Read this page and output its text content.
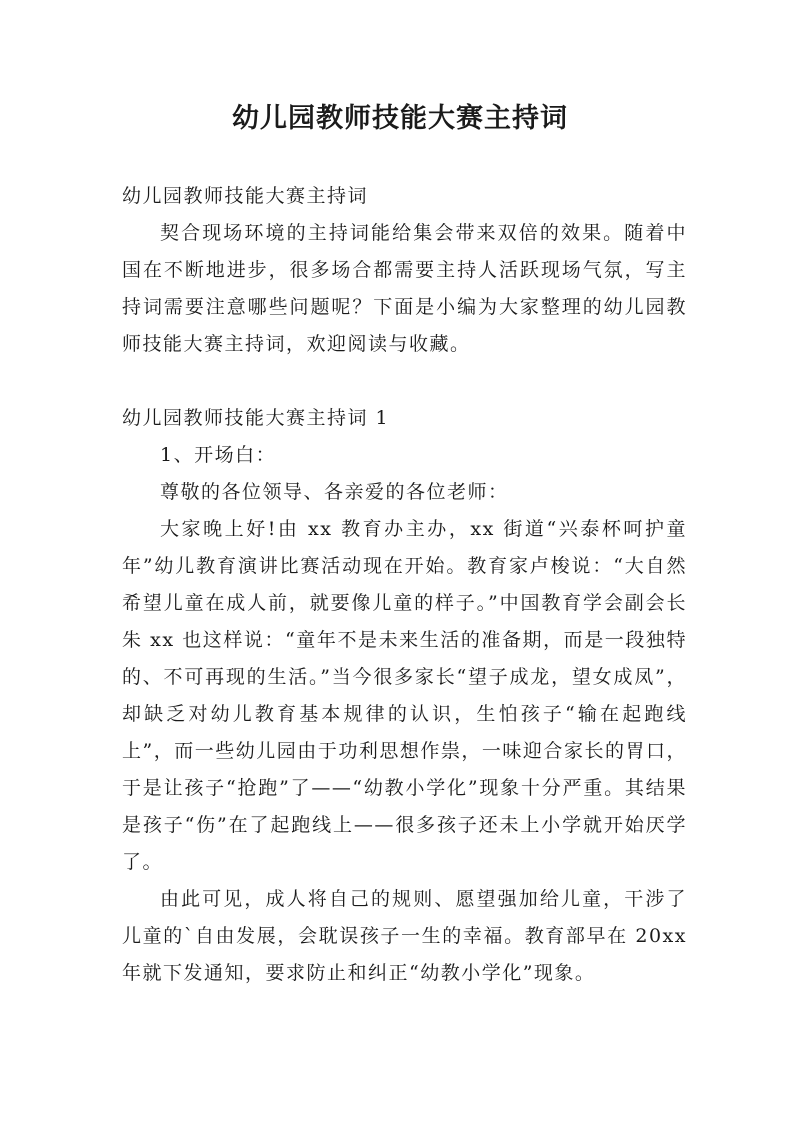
幼儿园教师技能大赛主持词

幼儿园教师技能大赛主持词

契合现场环境的主持词能给集会带来双倍的效果。随着中国在不断地进步，很多场合都需要主持人活跃现场气氛，写主持词需要注意哪些问题呢？下面是小编为大家整理的幼儿园教师技能大赛主持词，欢迎阅读与收藏。

幼儿园教师技能大赛主持词 1

1、开场白：

尊敬的各位领导、各亲爱的各位老师：

大家晚上好!由 xx 教育办主办，xx 街道“兴泰杯呵护童年”幼儿教育演讲比赛活动现在开始。教育家卢梭说：“大自然希望儿童在成人前，就要像儿童的样子。”中国教育学会副会长朱 xx 也这样说：“童年不是未来生活的准备期，而是一段独特的、不可再现的生活。”当今很多家长“望子成龙，望女成凤”，却缺乏对幼儿教育基本规律的认识，生怕孩子“输在起跑线上”，而一些幼儿园由于功利思想作祟，一味迎合家长的胃口，于是让孩子“抢跑”了——“幼教小学化”现象十分严重。其结果是孩子“伤”在了起跑线上——很多孩子还未上小学就开始厌学了。

由此可见，成人将自己的规则、愿望强加给儿童，干涉了儿童的`自由发展，会耽误孩子一生的幸福。教育部早在 20xx 年就下发通知，要求防止和纠正“幼教小学化”现象。
